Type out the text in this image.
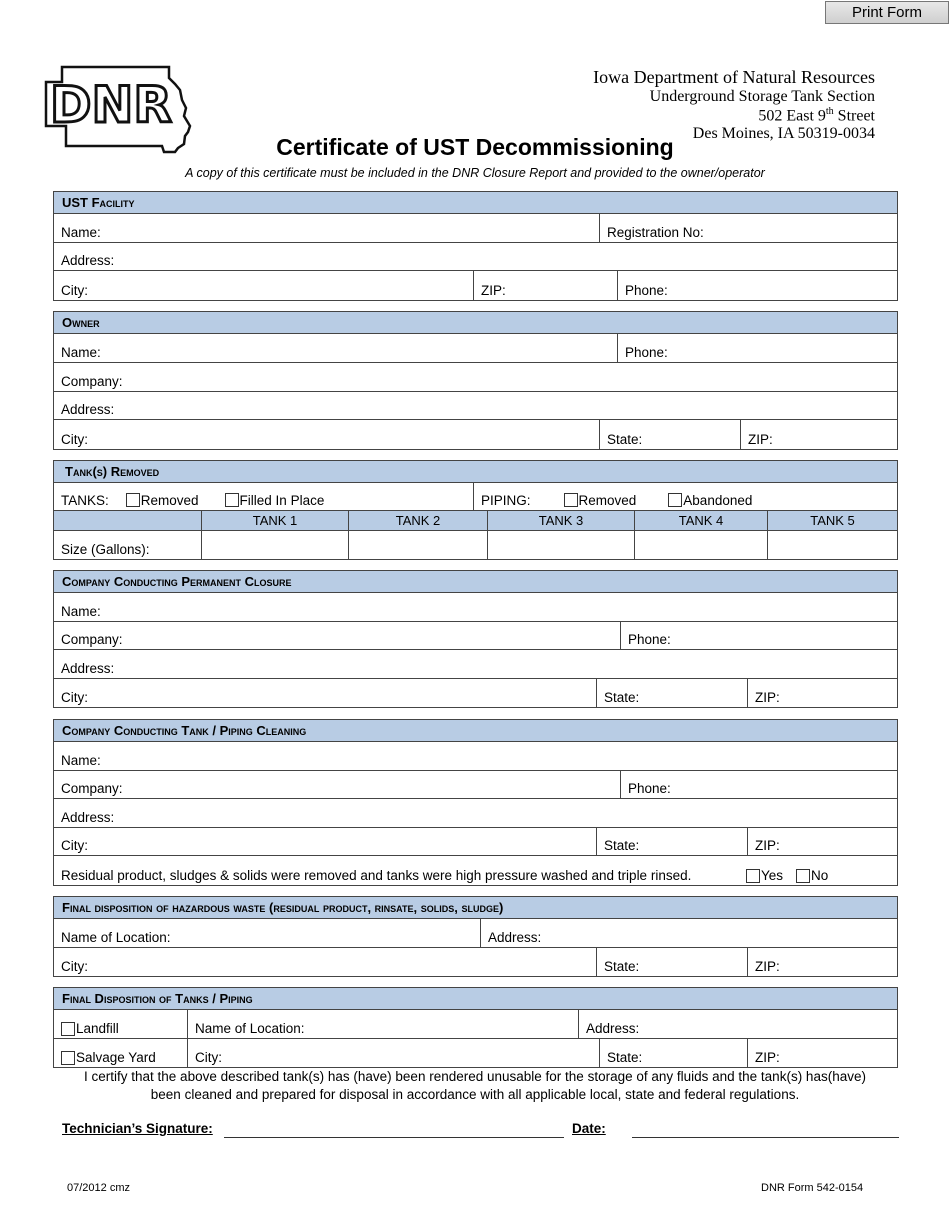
Print Form
DNR	Iowa Department of Natural Resources
Underground Storage Tank Section
502 East 9th Street
Des Moines, IA 50319-0034
Certificate of UST Decommissioning
A copy of this certificate must be included in the DNR Closure Report and provided to the owner/operator
UST Facility
Name:	Registration No:
Address:
City:	ZIP:	Phone:
Owner
Name:	Phone:
Company:
Address:
City:	State:	ZIP:
Tank(s) Removed
TANKS:	Removed	Filled In Place	PIPING:	Removed	Abandoned
TANK 1	TANK 2	TANK 3	TANK 4	TANK 5
Size (Gallons):
Company Conducting Permanent Closure
Name:
Company:	Phone:
Address:
City:	State:	ZIP:
Company Conducting Tank / Piping Cleaning
Name:
Company:	Phone:
Address:
City:	State:	ZIP:
Residual product, sludges & solids were removed and tanks were high pressure washed and triple rinsed.	Yes No
Final disposition of hazardous waste (residual product, rinsate, solids, sludge)
Name of Location:	Address:
City:	State:	ZIP:
Final Disposition of Tanks / Piping
Landfill	Name of Location:	Address:
Salvage Yard	City:	State:	ZIP:
I certify that the above described tank(s) has (have) been rendered unusable for the storage of any fluids and the tank(s) has(have)
been cleaned and prepared for disposal in accordance with all applicable local, state and federal regulations.
Technician’s Signature:	Date:
07/2012 cmz	DNR Form 542-0154
